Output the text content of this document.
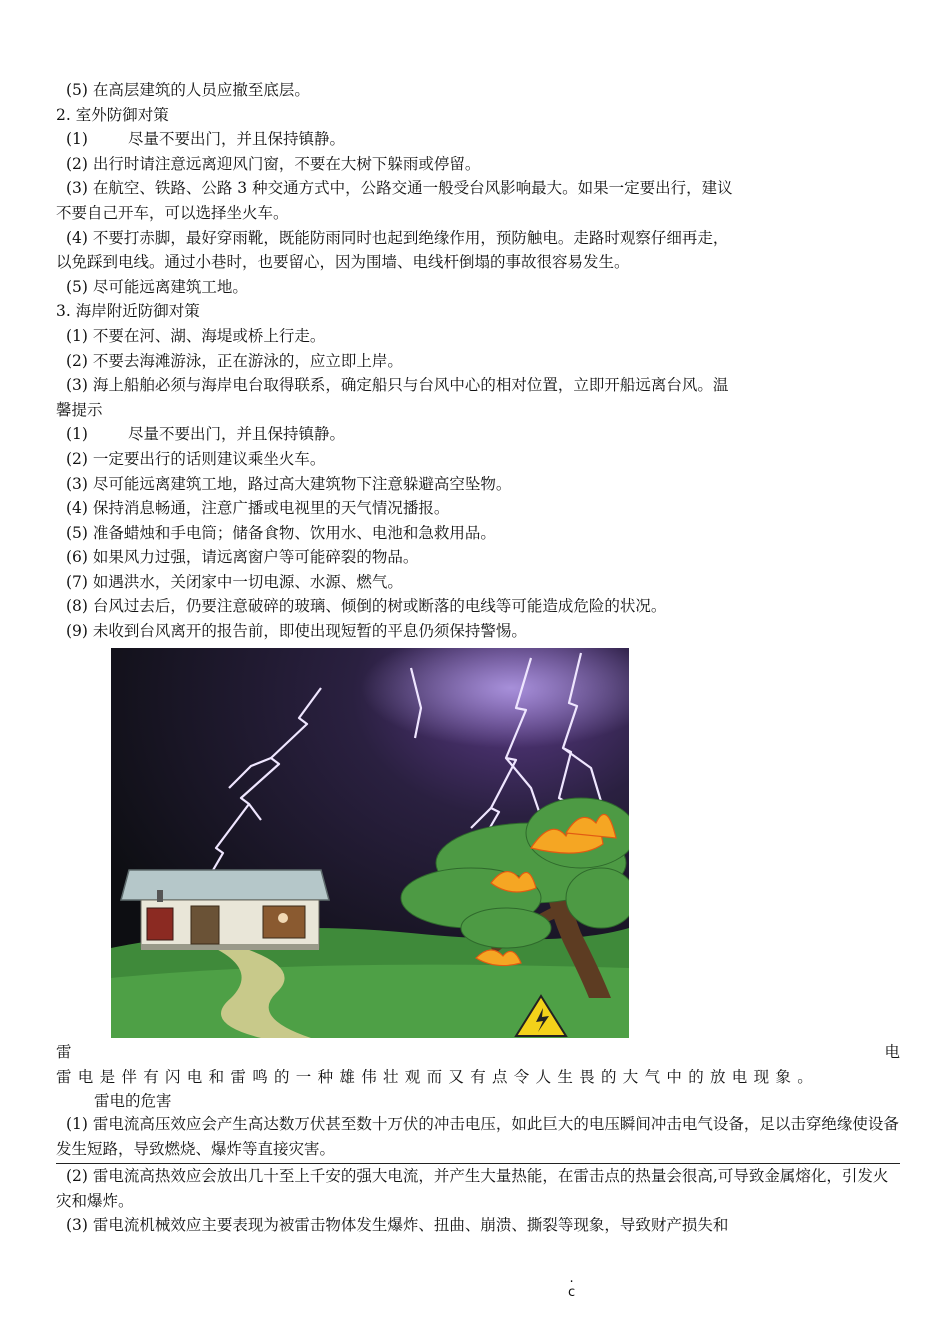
(5) 在高层建筑的人员应撤至底层。
2. 室外防御对策
(1)	尽量不要出门，并且保持镇静。
(2) 出行时请注意远离迎风门窗，不要在大树下躲雨或停留。
(3) 在航空、铁路、公路 3 种交通方式中，公路交通一般受台风影响最大。如果一定要出行，建议
不要自己开车，可以选择坐火车。
(4) 不要打赤脚，最好穿雨靴，既能防雨同时也起到绝缘作用，预防触电。走路时观察仔细再走，
以免踩到电线。通过小巷时，也要留心，因为围墙、电线杆倒塌的事故很容易发生。
(5) 尽可能远离建筑工地。
3. 海岸附近防御对策
(1) 不要在河、湖、海堤或桥上行走。
(2) 不要去海滩游泳，正在游泳的，应立即上岸。
(3) 海上船舶必须与海岸电台取得联系，确定船只与台风中心的相对位置，立即开船远离台风。温
馨提示
(1)	尽量不要出门，并且保持镇静。
(2) 一定要出行的话则建议乘坐火车。
(3) 尽可能远离建筑工地，路过高大建筑物下注意躲避高空坠物。
(4) 保持消息畅通，注意广播或电视里的天气情况播报。
(5) 准备蜡烛和手电筒；储备食物、饮用水、电池和急救用品。
(6) 如果风力过强，请远离窗户等可能碎裂的物品。
(7) 如遇洪水，关闭家中一切电源、水源、燃气。
(8) 台风过去后，仍要注意破碎的玻璃、倾倒的树或断落的电线等可能造成危险的状况。
(9) 未收到台风离开的报告前，即使出现短暂的平息仍须保持警惕。
雷	电
雷电是伴有闪电和雷鸣的一种雄伟壮观而又有点令人生畏的大气中的放电现象。
雷电的危害
(1) 雷电流高压效应会产生高达数万伏甚至数十万伏的冲击电压，如此巨大的电压瞬间冲击电气设备，足以击穿绝缘使设备发生短路，导致燃烧、爆炸等直接灾害。
(2) 雷电流高热效应会放出几十至上千安的强大电流，并产生大量热能，在雷击点的热量会很高,可导致金属熔化，引发火灾和爆炸。
(3) 雷电流机械效应主要表现为被雷击物体发生爆炸、扭曲、崩溃、撕裂等现象，导致财产损失和
.
c
